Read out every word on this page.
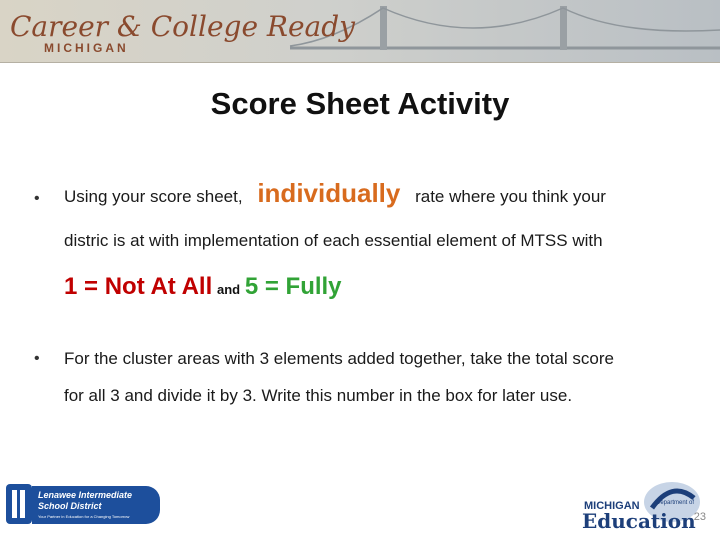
Career & College Ready
MICHIGAN
Score Sheet Activity
• Using your score sheet, individually rate where you think your
distric is at with implementation of each essential element of MTSS with
1 = Not At All and 5 = Fully
• For the cluster areas with 3 elements added together, take the total score
for all 3 and divide it by 3. Write this number in the box for later use.
Lenawee Intermediate
School District
Your Partner in Education for a Changing Tomorrow
MICHIGAN	Department of
Education
23
